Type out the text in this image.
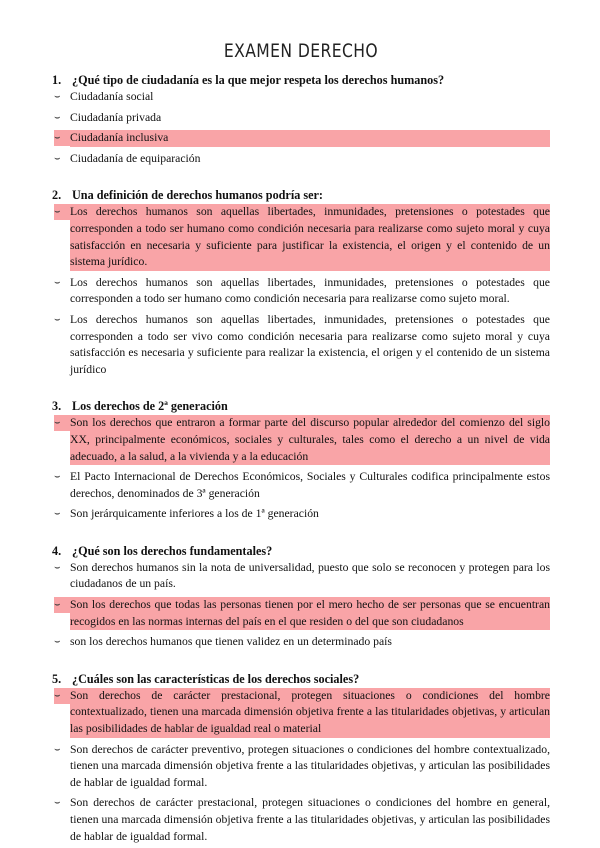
EXAMEN DERECHO
1. ¿Qué tipo de ciudadanía es la que mejor respeta los derechos humanos?
⌣ Ciudadanía social
⌣ Ciudadanía privada
⌣ Ciudadanía inclusiva
⌣ Ciudadanía de equiparación
2. Una definición de derechos humanos podría ser:
⌣ Los derechos humanos son aquellas libertades, inmunidades, pretensiones o potestades que corresponden a todo ser humano como condición necesaria para realizarse como sujeto moral y cuya satisfacción en necesaria y suficiente para justificar la existencia, el origen y el contenido de un sistema jurídico.
⌣ Los derechos humanos son aquellas libertades, inmunidades, pretensiones o potestades que corresponden a todo ser humano como condición necesaria para realizarse como sujeto moral.
⌣ Los derechos humanos son aquellas libertades, inmunidades, pretensiones o potestades que corresponden a todo ser vivo como condición necesaria para realizarse como sujeto moral y cuya satisfacción es necesaria y suficiente para realizar la existencia, el origen y el contenido de un sistema jurídico
3. Los derechos de 2ª generación
⌣ Son los derechos que entraron a formar parte del discurso popular alrededor del comienzo del siglo XX, principalmente económicos, sociales y culturales, tales como el derecho a un nivel de vida adecuado, a la salud, a la vivienda y a la educación
⌣ El Pacto Internacional de Derechos Económicos, Sociales y Culturales codifica principalmente estos derechos, denominados de 3ª generación
⌣ Son jerárquicamente inferiores a los de 1ª generación
4. ¿Qué son los derechos fundamentales?
⌣ Son derechos humanos sin la nota de universalidad, puesto que solo se reconocen y protegen para los ciudadanos de un país.
⌣ Son los derechos que todas las personas tienen por el mero hecho de ser personas que se encuentran recogidos en las normas internas del país en el que residen o del que son ciudadanos
⌣ son los derechos humanos que tienen validez en un determinado país
5. ¿Cuáles son las características de los derechos sociales?
⌣ Son derechos de carácter prestacional, protegen situaciones o condiciones del hombre contextualizado, tienen una marcada dimensión objetiva frente a las titularidades objetivas, y articulan las posibilidades de hablar de igualdad real o material
⌣ Son derechos de carácter preventivo, protegen situaciones o condiciones del hombre contextualizado, tienen una marcada dimensión objetiva frente a las titularidades objetivas, y articulan las posibilidades de hablar de igualdad formal.
⌣ Son derechos de carácter prestacional, protegen situaciones o condiciones del hombre en general, tienen una marcada dimensión objetiva frente a las titularidades objetivas, y articulan las posibilidades de hablar de igualdad formal.
